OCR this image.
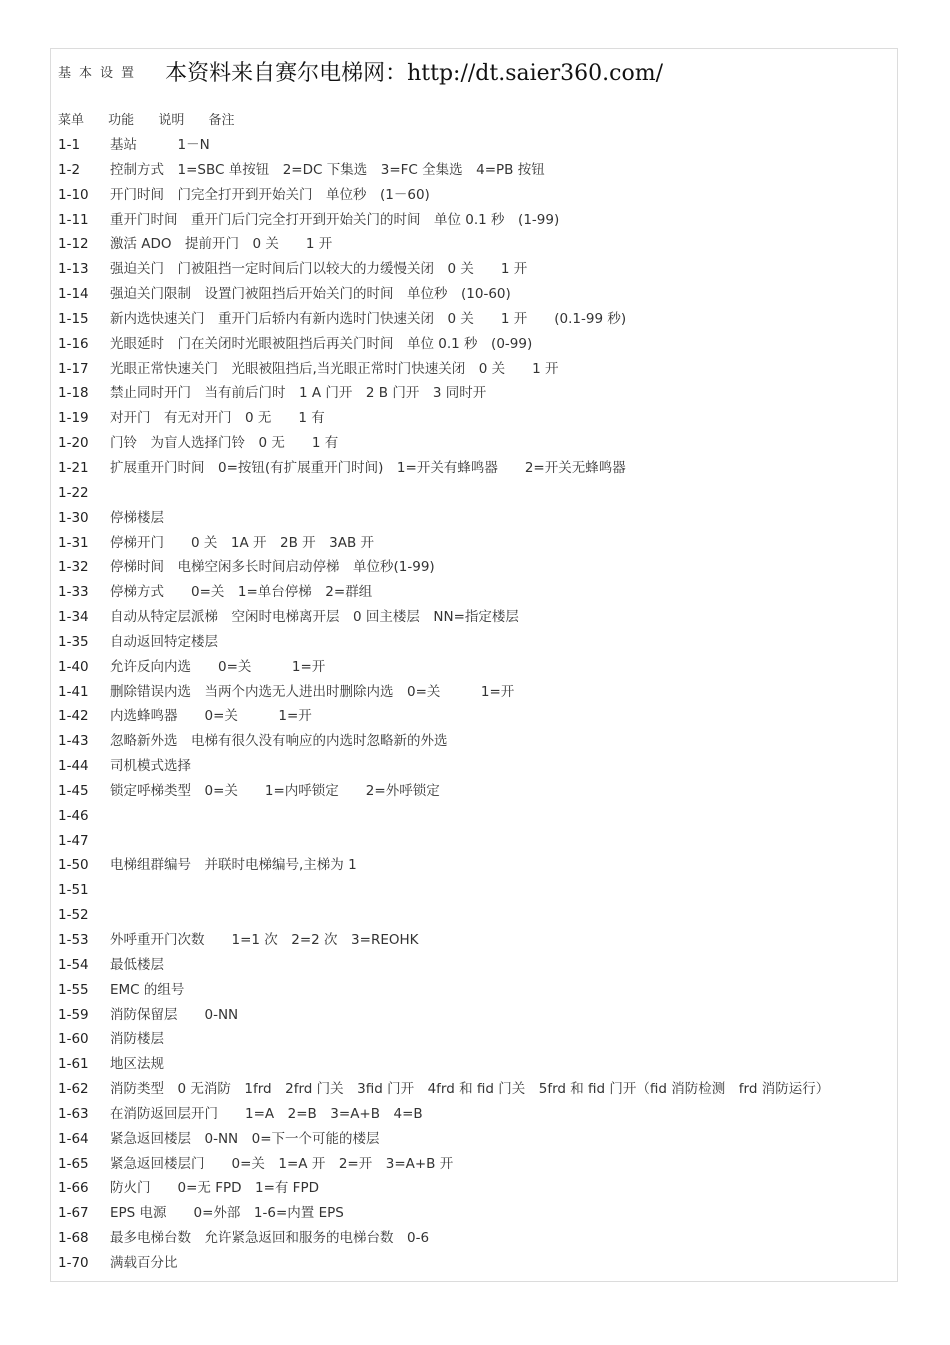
基本设置 本资料来自赛尔电梯网：http://dt.saier360.com/
菜单 功能 说明 备注
1-1 基站　　　1－N
1-2 控制方式　1=SBC 单按钮　2=DC 下集选　3=FC 全集选　4=PB 按钮
1-10 开门时间　门完全打开到开始关门　单位秒　(1－60)
1-11 重开门时间　重开门后门完全打开到开始关门的时间　单位 0.1 秒　(1-99)
1-12 激活 ADO　提前开门　0 关　　1 开
1-13 强迫关门　门被阻挡一定时间后门以较大的力缓慢关闭　0 关　　1 开
1-14 强迫关门限制　设置门被阻挡后开始关门的时间　单位秒　(10-60)
1-15 新内选快速关门　重开门后轿内有新内选时门快速关闭　0 关　　1 开　　(0.1-99 秒)
1-16 光眼延时　门在关闭时光眼被阻挡后再关门时间　单位 0.1 秒　(0-99)
1-17 光眼正常快速关门　光眼被阻挡后,当光眼正常时门快速关闭　0 关　　1 开
1-18 禁止同时开门　当有前后门时　1 A 门开　2 B 门开　3 同时开
1-19 对开门　有无对开门　0 无　　1 有
1-20 门铃　为盲人选择门铃　0 无　　1 有
1-21 扩展重开门时间　0=按钮(有扩展重开门时间)　1=开关有蜂鸣器　　2=开关无蜂鸣器
1-22
1-30 停梯楼层
1-31 停梯开门　　0 关　1A 开　2B 开　3AB 开
1-32 停梯时间　电梯空闲多长时间启动停梯　单位秒(1-99)
1-33 停梯方式　　0=关　1=单台停梯　2=群组
1-34 自动从特定层派梯　空闲时电梯离开层　0 回主楼层　NN=指定楼层
1-35 自动返回特定楼层
1-40 允许反向内选　　0=关　　　1=开
1-41 删除错误内选　当两个内选无人进出时删除内选　0=关　　　1=开
1-42 内选蜂鸣器　　0=关　　　1=开
1-43 忽略新外选　电梯有很久没有响应的内选时忽略新的外选
1-44 司机模式选择
1-45 锁定呼梯类型　0=关　　1=内呼锁定　　2=外呼锁定
1-46
1-47
1-50 电梯组群编号　并联时电梯编号,主梯为 1
1-51
1-52
1-53 外呼重开门次数　　1=1 次　2=2 次　3=REOHK
1-54 最低楼层
1-55 EMC 的组号
1-59 消防保留层　　0-NN
1-60 消防楼层
1-61 地区法规
1-62 消防类型　0 无消防　1frd　2frd 门关　3fid 门开　4frd 和 fid 门关　5frd 和 fid 门开（fid 消防检测　frd 消防运行）
1-63 在消防返回层开门　　1=A　2=B　3=A+B　4=B
1-64 紧急返回楼层　0-NN　0=下一个可能的楼层
1-65 紧急返回楼层门　　0=关　1=A 开　2=开　3=A+B 开
1-66 防火门　　0=无 FPD　1=有 FPD
1-67 EPS 电源　　0=外部　1-6=内置 EPS
1-68 最多电梯台数　允许紧急返回和服务的电梯台数　0-6
1-70 满载百分比
